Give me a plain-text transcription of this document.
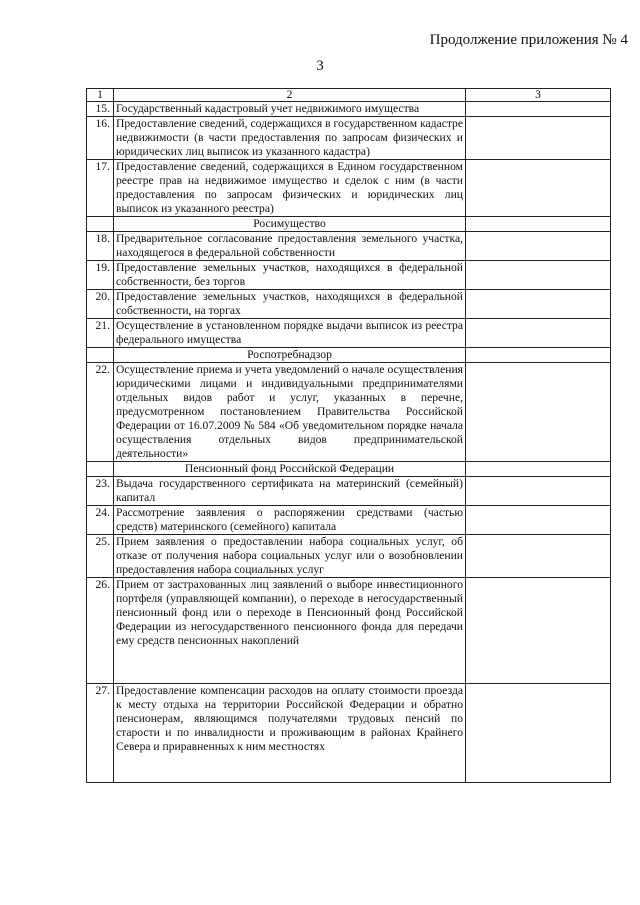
Продолжение приложения № 4
3
1	2	3
15.	Государственный кадастровый учет недвижимого имущества	
16.	Предоставление сведений, содержащихся в государственном кадастре недвижимости (в части предоставления по запросам физических и юридических лиц выписок из указанного кадастра)	
17.	Предоставление сведений, содержащихся в Едином государственном реестре прав на недвижимое имущество и сделок с ним (в части предоставления по запросам физических и юридических лиц выписок из указанного реестра)	
	Росимущество	
18.	Предварительное согласование предоставления земельного участка, находящегося в федеральной собственности	
19.	Предоставление земельных участков, находящихся в федеральной собственности, без торгов	
20.	Предоставление земельных участков, находящихся в федеральной собственности, на торгах	
21.	Осуществление в установленном порядке выдачи выписок из реестра федерального имущества	
	Роспотребнадзор	
22.	Осуществление приема и учета уведомлений о начале осуществления юридическими лицами и индивидуальными предпринимателями отдельных видов работ и услуг, указанных в перечне, предусмотренном постановлением Правительства Российской Федерации от 16.07.2009 № 584 «Об уведомительном порядке начала осуществления отдельных видов предпринимательской деятельности»	
	Пенсионный фонд Российской Федерации	
23.	Выдача государственного сертификата на материнский (семейный) капитал	
24.	Рассмотрение заявления о распоряжении средствами (частью средств) материнского (семейного) капитала	
25.	Прием заявления о предоставлении набора социальных услуг, об отказе от получения набора социальных услуг или о возобновлении предоставления набора социальных услуг	
26.	Прием от застрахованных лиц заявлений о выборе инвестиционного портфеля (управляющей компании), о переходе в негосударственный пенсионный фонд или о переходе в Пенсионный фонд Российской Федерации из негосударственного пенсионного фонда для передачи ему средств пенсионных накоплений	
27.	Предоставление компенсации расходов на оплату стоимости проезда к месту отдыха на территории Российской Федерации и обратно пенсионерам, являющимся получателями трудовых пенсий по старости и по инвалидности и проживающим в районах Крайнего Севера и приравненных к ним местностях	
